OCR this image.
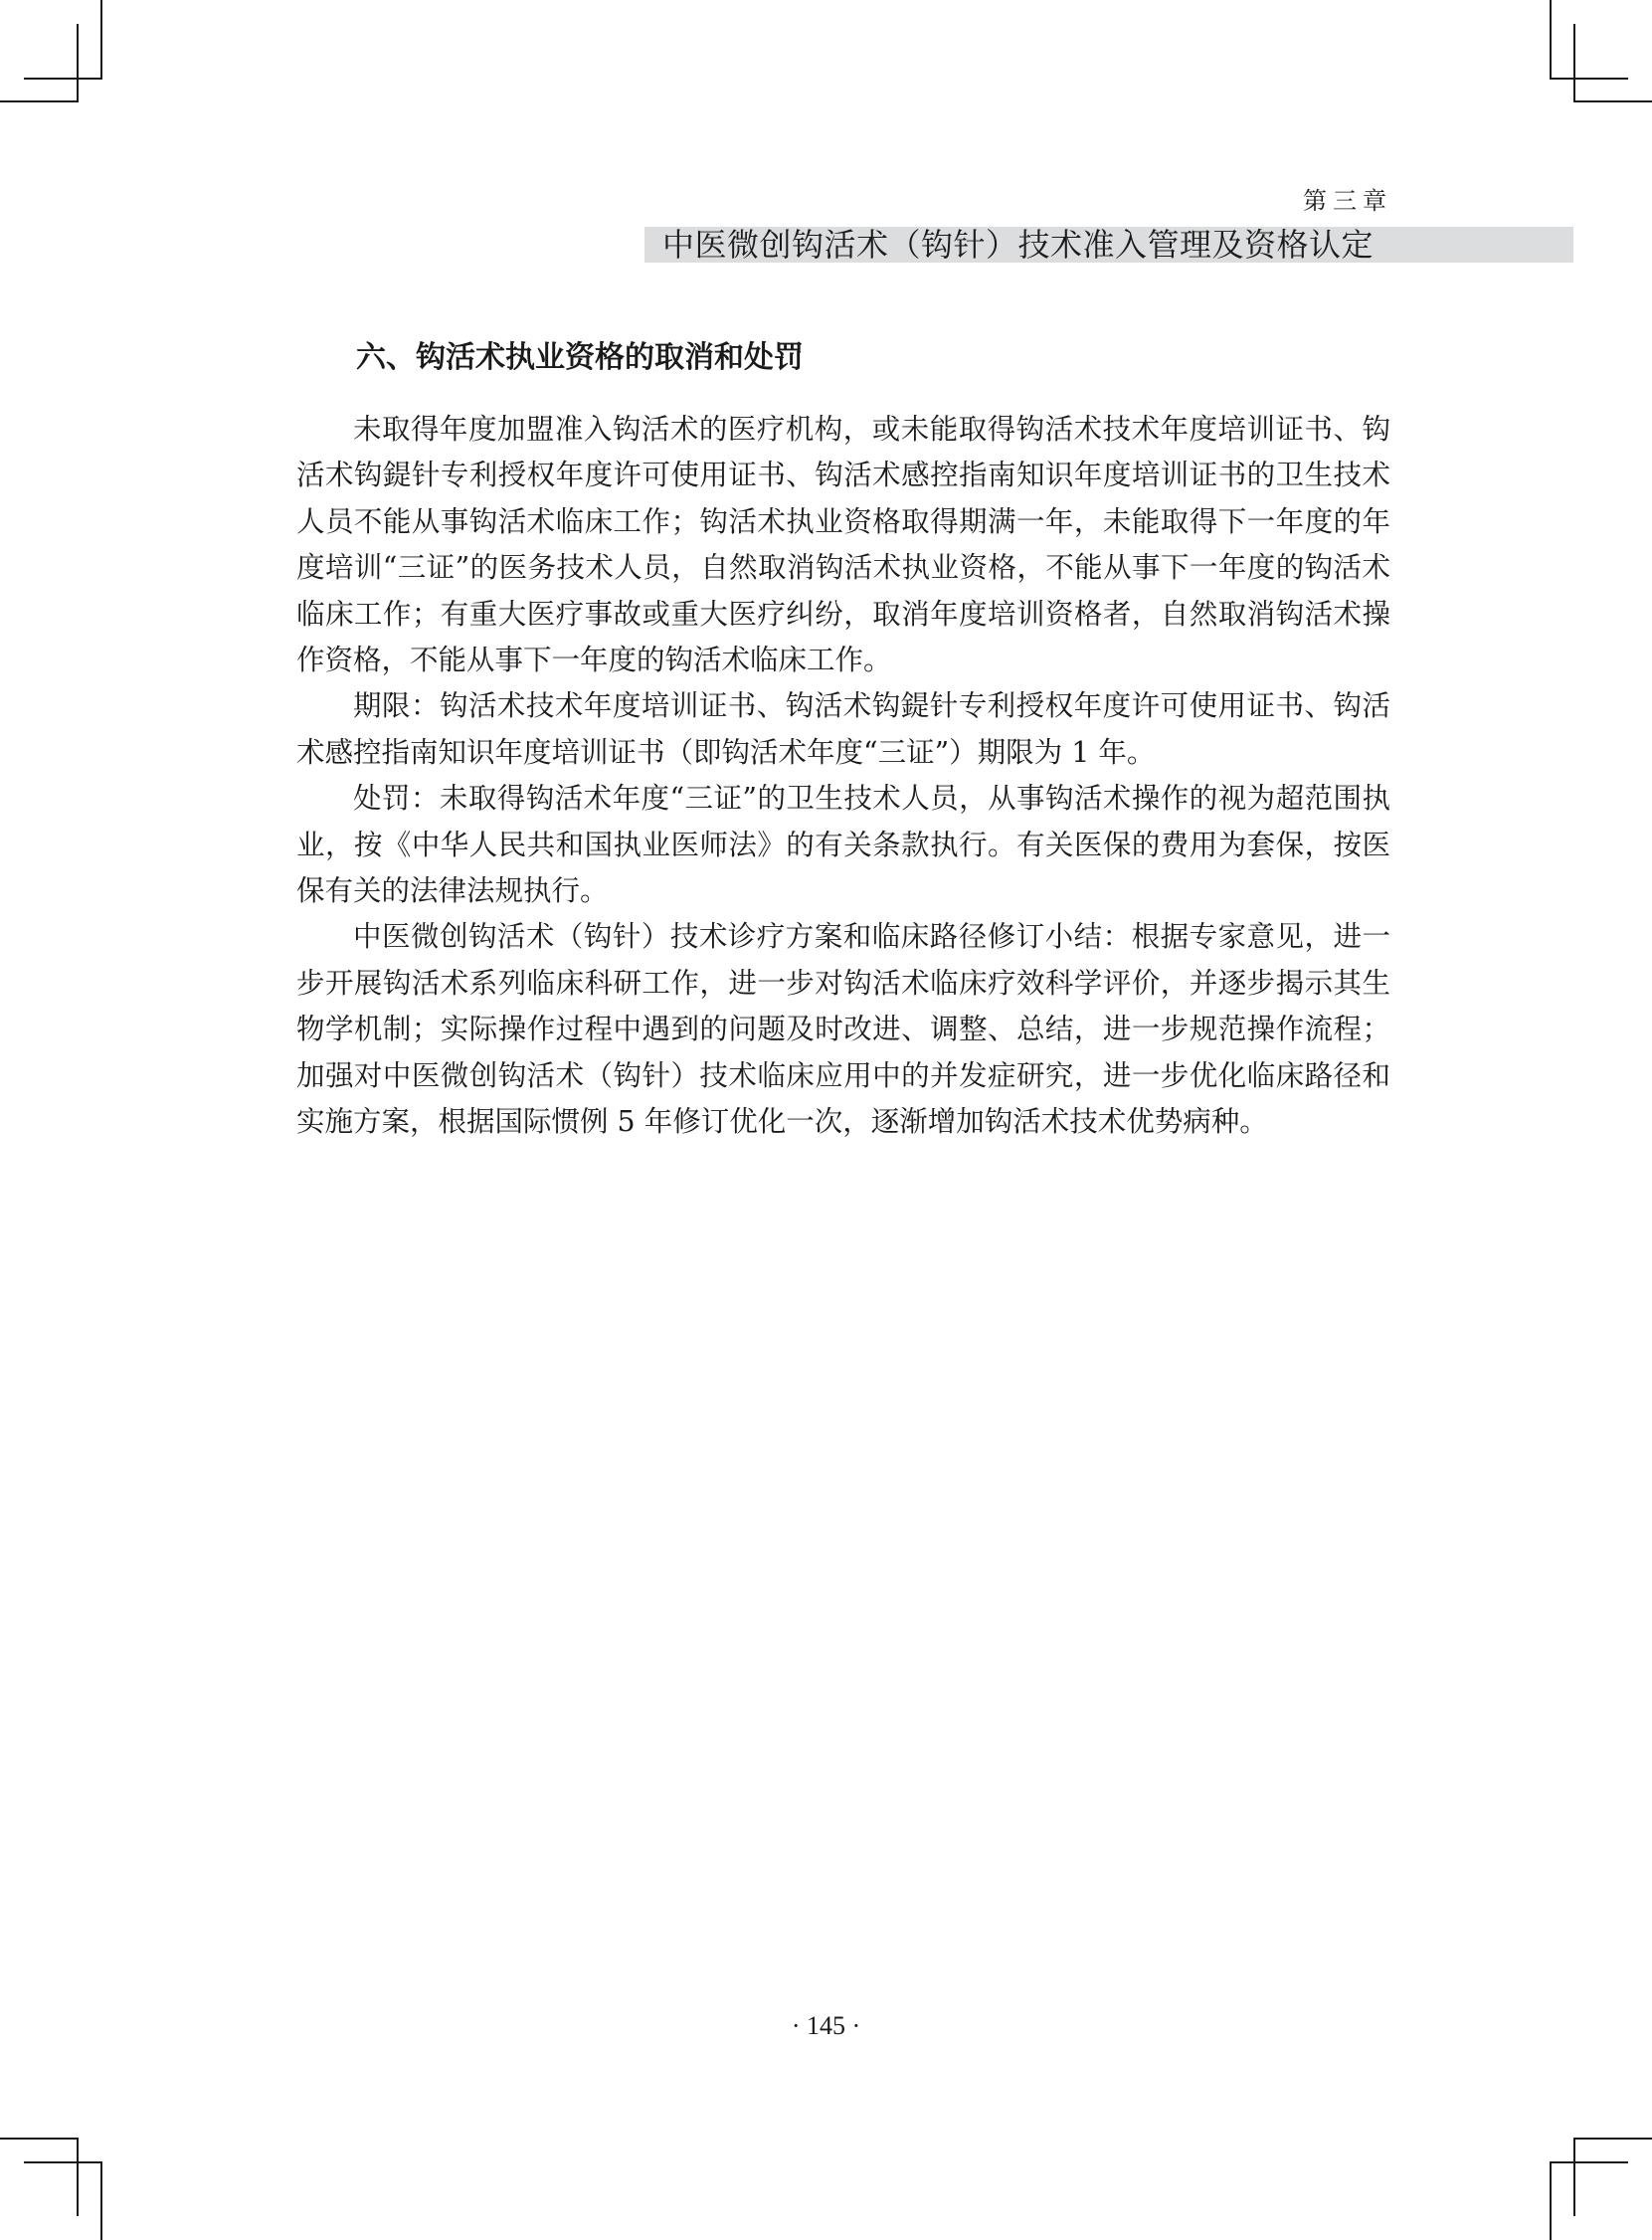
第三章
中医微创钩活术（钩针）技术准入管理及资格认定
六、钩活术执业资格的取消和处罚

未取得年度加盟准入钩活术的医疗机构，或未能取得钩活术技术年度培训证书、钩活术钩鍉针专利授权年度许可使用证书、钩活术感控指南知识年度培训证书的卫生技术人员不能从事钩活术临床工作；钩活术执业资格取得期满一年，未能取得下一年度的年度培训“三证”的医务技术人员，自然取消钩活术执业资格，不能从事下一年度的钩活术临床工作；有重大医疗事故或重大医疗纠纷，取消年度培训资格者，自然取消钩活术操作资格，不能从事下一年度的钩活术临床工作。

期限：钩活术技术年度培训证书、钩活术钩鍉针专利授权年度许可使用证书、钩活术感控指南知识年度培训证书（即钩活术年度“三证”）期限为 1 年。

处罚：未取得钩活术年度“三证”的卫生技术人员，从事钩活术操作的视为超范围执业，按《中华人民共和国执业医师法》的有关条款执行。有关医保的费用为套保，按医保有关的法律法规执行。

中医微创钩活术（钩针）技术诊疗方案和临床路径修订小结：根据专家意见，进一步开展钩活术系列临床科研工作，进一步对钩活术临床疗效科学评价，并逐步揭示其生物学机制；实际操作过程中遇到的问题及时改进、调整、总结，进一步规范操作流程；加强对中医微创钩活术（钩针）技术临床应用中的并发症研究，进一步优化临床路径和实施方案，根据国际惯例 5 年修订优化一次，逐渐增加钩活术技术优势病种。

· 145 ·
